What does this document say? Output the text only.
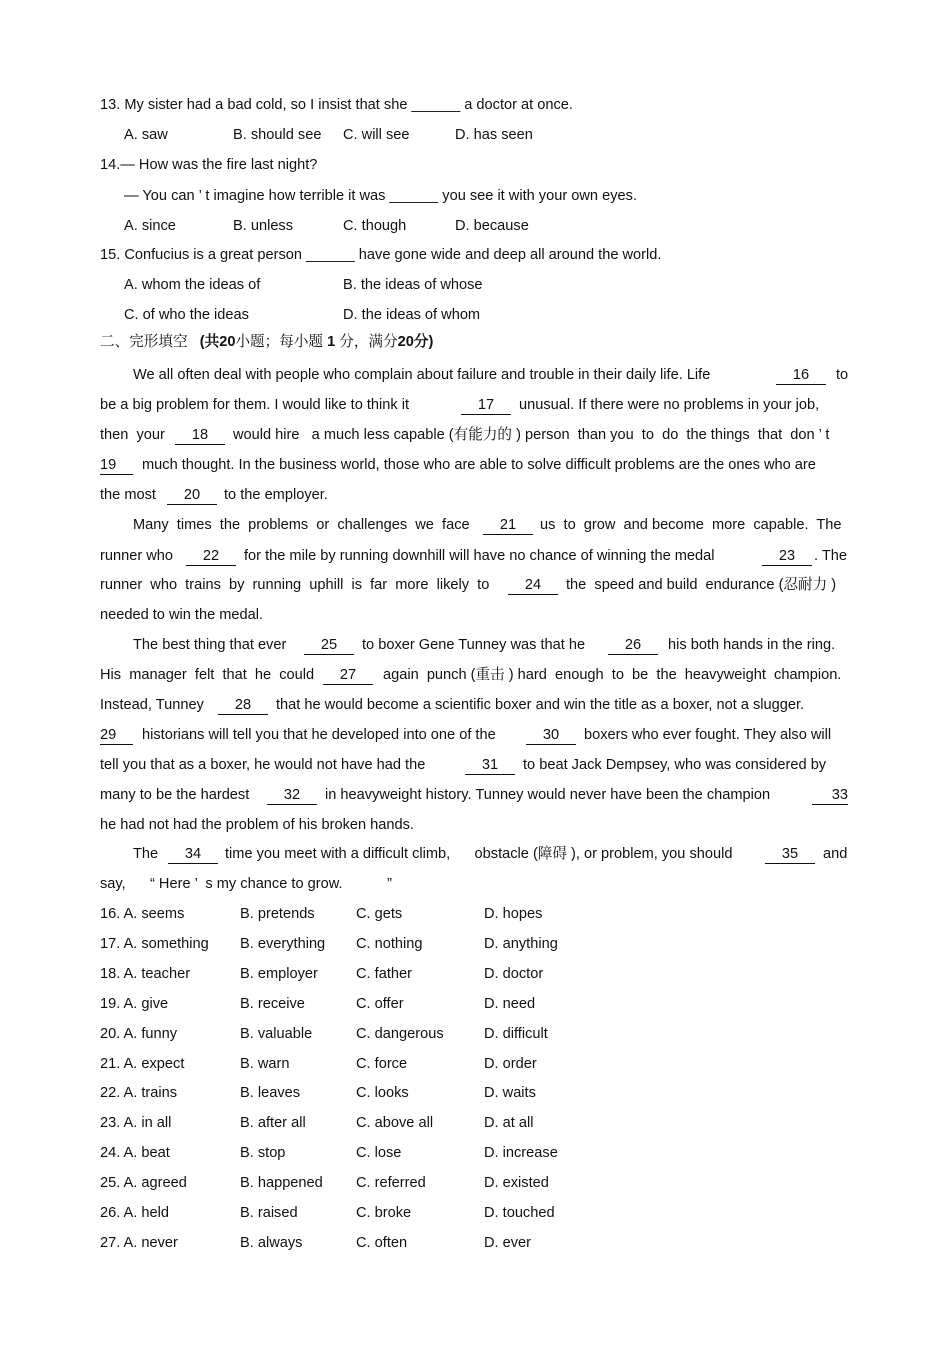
13. My sister had a bad cold, so I insist that she ______ a doctor at once.
A. saw	B. should see C. will see	D. has seen
14.— How was the fire last night?
— You can ’ t imagine how terrible it was ______ you see it with your own eyes.
A. since	B. unless	C. though	D. because
15. Confucius is a great person ______ have gone wide and deep all around the world.
A. whom the ideas of	B. the ideas of whose
C. of who the ideas	D. the ideas of whom
二、完形填空 (共20小题；每小题 1 分，满分20分)
We all often deal with people who complain about failure and trouble in their daily life. Life	16	to
be a big problem for them. I would like to think it	17	unusual. If there were no problems in your job,
then  your	18	would hire   a much less capable (有能力的 ) person  than you  to  do  the things  that  don ’ t
19	much thought. In the business world, those who are able to solve difficult problems are the ones who are
the most	20	to the employer.
Many  times  the  problems  or  challenges  we  face	21	us  to  grow  and become  more  capable.  The
runner who	22	for the mile by running downhill will have no chance of winning the medal	23	. The
runner  who  trains  by  running  uphill  is  far  more  likely  to	24	the  speed and build  endurance (忍耐力 )
needed to win the medal.
The best thing that ever	25	to boxer Gene Tunney was that he	26	his both hands in the ring.
His  manager  felt  that  he  could	27	again  punch (重击 ) hard  enough  to  be  the  heavyweight  champion.
Instead, Tunney	28	that he would become a scientific boxer and win the title as a boxer, not a slugger.
29	historians will tell you that he developed into one of the	30	boxers who ever fought. They also will
tell you that as a boxer, he would not have had the	31	to beat Jack Dempsey, who was considered by
many to be the hardest	32	in heavyweight history. Tunney would never have been the champion	33
he had not had the problem of his broken hands.
The	34	time you meet with a difficult climb,      obstacle (障碍 ), or problem, you should	35	and
say,      “ Here ’  s my chance to grow.           ”
16. A. seems	B. pretends	C. gets	D. hopes
17. A. something B. everything C. nothing	D. anything
18. A. teacher	B. employer	C. father	D. doctor
19. A. give	B. receive	C. offer	D. need
20. A. funny	B. valuable	C. dangerous	D. difficult
21. A. expect	B. warn	C. force	D. order
22. A. trains	B. leaves	C. looks	D. waits
23. A. in all	B. after all	C. above all	D. at all
24. A. beat	B. stop	C. lose	D. increase
25. A. agreed	B. happened C. referred	D. existed
26. A. held	B. raised	C. broke	D. touched
27. A. never	B. always	C. often	D. ever
